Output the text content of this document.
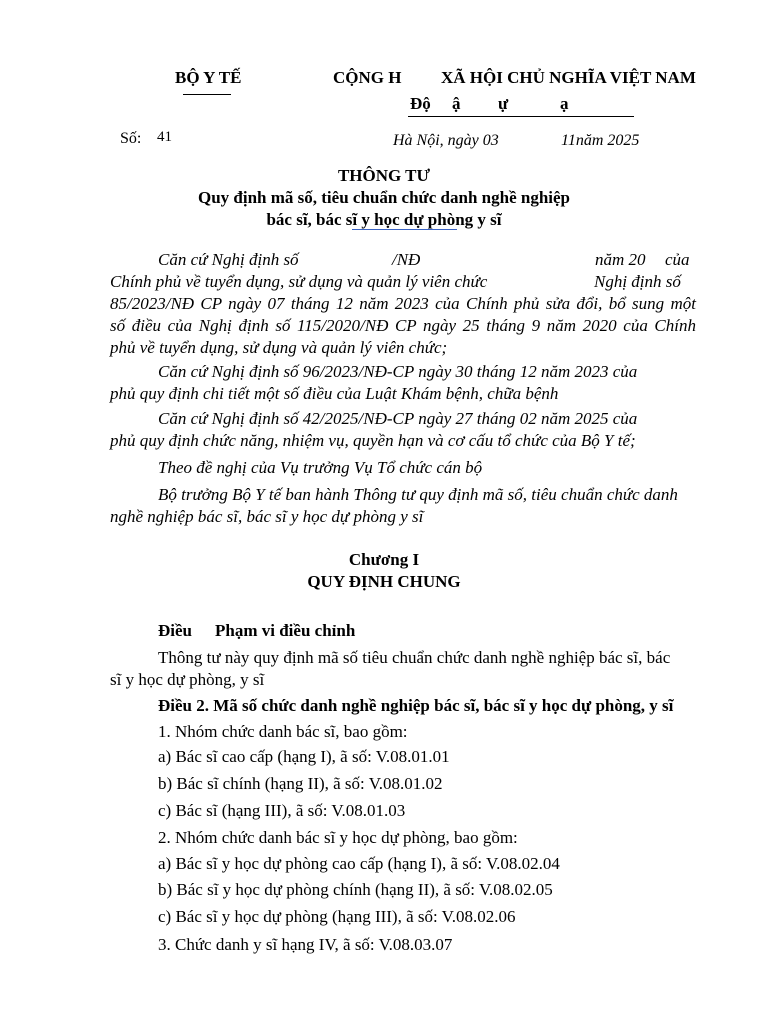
BỘ Y TẾ	CỘNG H XÃ HỘI CHỦ NGHĨA VIỆT NAM
Độ ậ ự	ạ
Số: 41	Hà Nội, ngày 03	11năm 2025
THÔNG TƯ
Quy định mã số, tiêu chuẩn chức danh nghề nghiệp
bác sĩ, bác sĩ y học dự phòng y sĩ
Căn cứ Nghị định số	/NĐ	năm 20 của
Chính phủ về tuyển dụng, sử dụng và quản lý viên chức	Nghị định số
85/2023/NĐ CP ngày 07 tháng 12 năm 2023 của Chính phủ sửa đổi, bổ sung một
số điều của Nghị định số 115/2020/NĐ CP ngày 25 tháng 9 năm 2020 của Chính
phủ về tuyển dụng, sử dụng và quản lý viên chức;
Căn cứ Nghị định số 96/2023/NĐ-CP ngày 30 tháng 12 năm 2023 của
phủ quy định chi tiết một số điều của Luật Khám bệnh, chữa bệnh
Căn cứ Nghị định số 42/2025/NĐ-CP ngày 27 tháng 02 năm 2025 của
phủ quy định chức năng, nhiệm vụ, quyền hạn và cơ cấu tổ chức của Bộ Y tế;
Theo đề nghị của Vụ trưởng Vụ Tổ chức cán bộ
Bộ trưởng Bộ Y tế ban hành Thông tư quy định mã số, tiêu chuẩn chức danh
nghề nghiệp bác sĩ, bác sĩ y học dự phòng y sĩ
Chương I
QUY ĐỊNH CHUNG
Điều Phạm vi điều chỉnh
Thông tư này quy định mã số tiêu chuẩn chức danh nghề nghiệp bác sĩ, bác
sĩ y học dự phòng, y sĩ
Điều 2. Mã số chức danh nghề nghiệp bác sĩ, bác sĩ y học dự phòng, y sĩ
1. Nhóm chức danh bác sĩ, bao gồm:
a) Bác sĩ cao cấp (hạng I), ã số: V.08.01.01
b) Bác sĩ chính (hạng II), ã số: V.08.01.02
c) Bác sĩ (hạng III), ã số: V.08.01.03
2. Nhóm chức danh bác sĩ y học dự phòng, bao gồm:
a) Bác sĩ y học dự phòng cao cấp (hạng I), ã số: V.08.02.04
b) Bác sĩ y học dự phòng chính (hạng II), ã số: V.08.02.05
c) Bác sĩ y học dự phòng (hạng III), ã số: V.08.02.06
3. Chức danh y sĩ hạng IV, ã số: V.08.03.07
